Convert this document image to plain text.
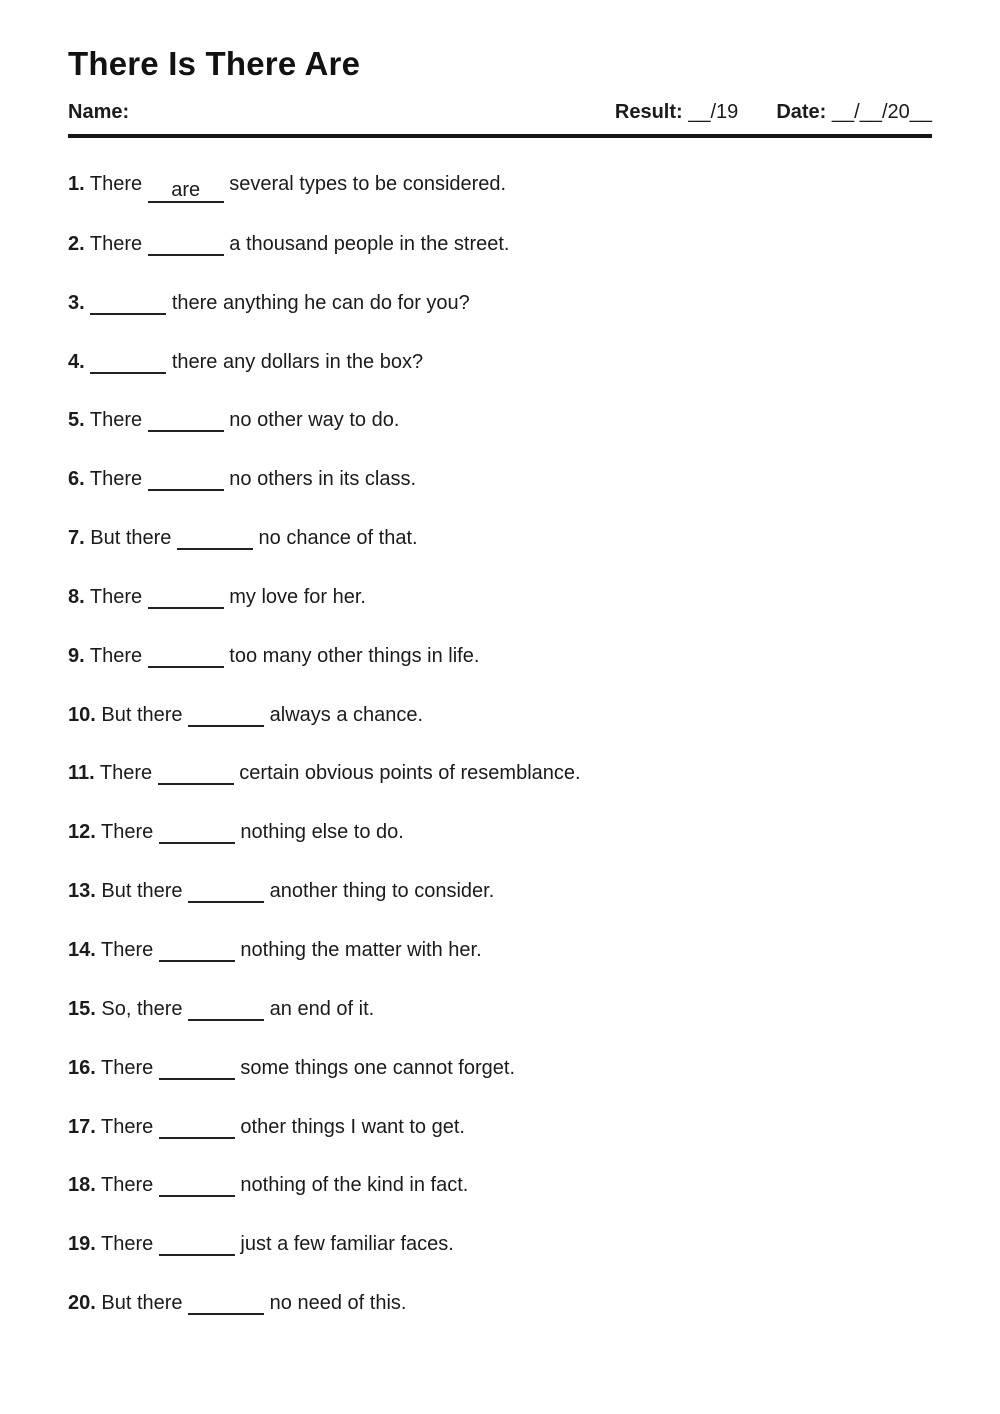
There Is There Are
Name:	Result: __/19 Date: __/__/20__
1. There are several types to be considered.
2. There	a thousand people in the street.
3.	there anything he can do for you?
4.	there any dollars in the box?
5. There	no other way to do.
6. There	no others in its class.
7. But there	no chance of that.
8. There	my love for her.
9. There	too many other things in life.
10. But there	always a chance.
11. There	certain obvious points of resemblance.
12. There	nothing else to do.
13. But there	another thing to consider.
14. There	nothing the matter with her.
15. So, there	an end of it.
16. There	some things one cannot forget.
17. There	other things I want to get.
18. There	nothing of the kind in fact.
19. There	just a few familiar faces.
20. But there	no need of this.
